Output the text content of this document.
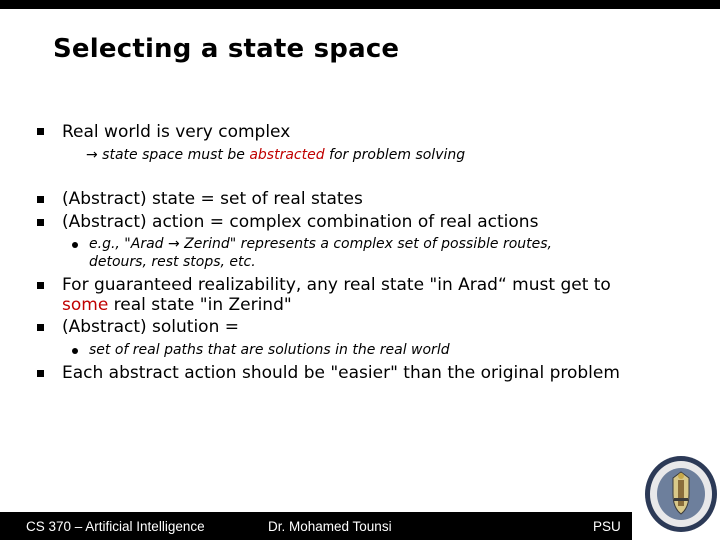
Selecting a state space
Real world is very complex
→ state space must be abstracted for problem solving
(Abstract) state = set of real states
(Abstract) action = complex combination of real actions
e.g., "Arad → Zerind" represents a complex set of possible routes,
detours, rest stops, etc.
For guaranteed realizability, any real state "in Arad“ must get to
some real state "in Zerind"
(Abstract) solution =
set of real paths that are solutions in the real world
Each abstract action should be "easier" than the original problem
CS 370 – Artificial Intelligence	Dr. Mohamed Tounsi	PSU
